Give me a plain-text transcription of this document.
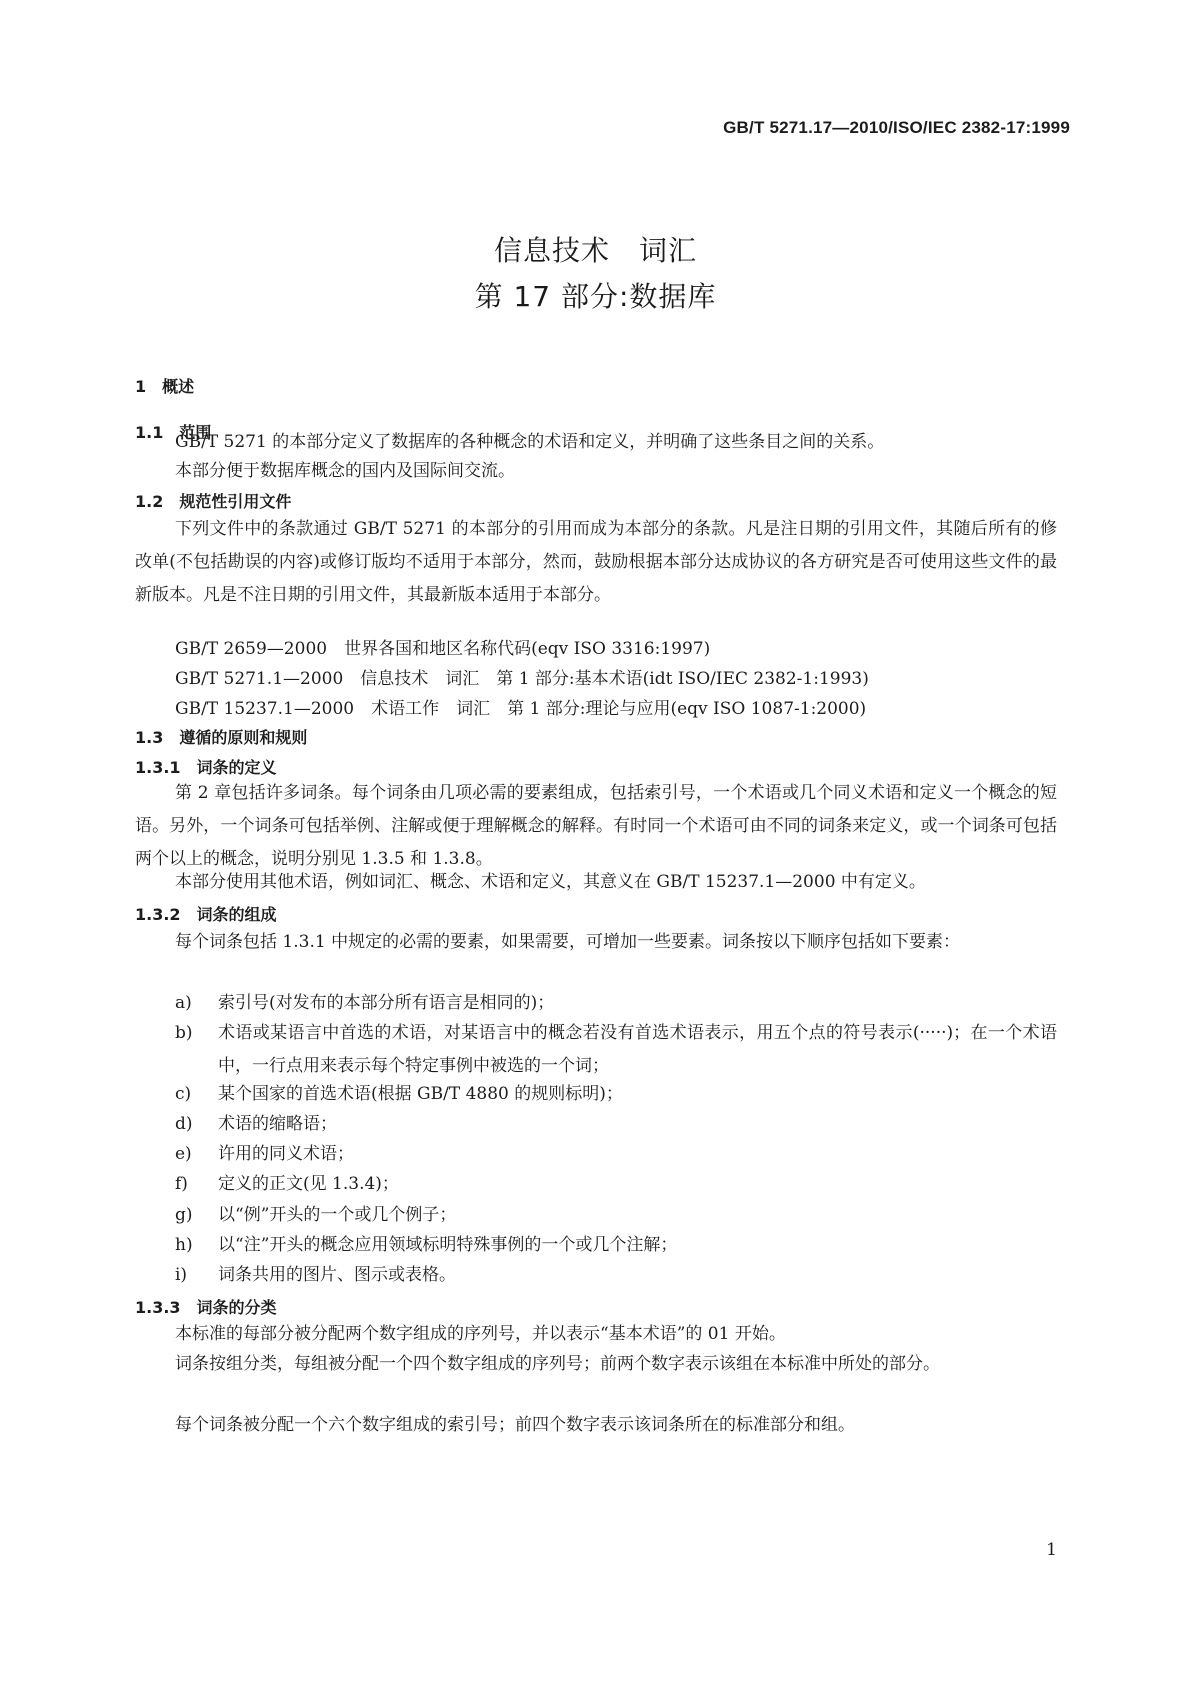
GB/T 5271.17—2010/ISO/IEC 2382-17:1999
信息技术　词汇
第 17 部分:数据库
1　概述
1.1　范围
GB/T 5271 的本部分定义了数据库的各种概念的术语和定义，并明确了这些条目之间的关系。
本部分便于数据库概念的国内及国际间交流。
1.2　规范性引用文件
下列文件中的条款通过 GB/T 5271 的本部分的引用而成为本部分的条款。凡是注日期的引用文件，其随后所有的修改单(不包括勘误的内容)或修订版均不适用于本部分，然而，鼓励根据本部分达成协议的各方研究是否可使用这些文件的最新版本。凡是不注日期的引用文件，其最新版本适用于本部分。
GB/T 2659—2000　世界各国和地区名称代码(eqv ISO 3316:1997)
GB/T 5271.1—2000　信息技术　词汇　第 1 部分:基本术语(idt ISO/IEC 2382-1:1993)
GB/T 15237.1—2000　术语工作　词汇　第 1 部分:理论与应用(eqv ISO 1087-1:2000)
1.3　遵循的原则和规则
1.3.1　词条的定义
第 2 章包括许多词条。每个词条由几项必需的要素组成，包括索引号，一个术语或几个同义术语和定义一个概念的短语。另外，一个词条可包括举例、注解或便于理解概念的解释。有时同一个术语可由不同的词条来定义，或一个词条可包括两个以上的概念，说明分别见 1.3.5 和 1.3.8。
本部分使用其他术语，例如词汇、概念、术语和定义，其意义在 GB/T 15237.1—2000 中有定义。
1.3.2　词条的组成
每个词条包括 1.3.1 中规定的必需的要素，如果需要，可增加一些要素。词条按以下顺序包括如下要素：
a) 索引号(对发布的本部分所有语言是相同的)；
b) 术语或某语言中首选的术语，对某语言中的概念若没有首选术语表示，用五个点的符号表示(·····)；在一个术语中，一行点用来表示每个特定事例中被选的一个词；
c) 某个国家的首选术语(根据 GB/T 4880 的规则标明)；
d) 术语的缩略语；
e) 许用的同义术语；
f) 定义的正文(见 1.3.4)；
g) 以“例”开头的一个或几个例子；
h) 以“注”开头的概念应用领域标明特殊事例的一个或几个注解；
i) 词条共用的图片、图示或表格。
1.3.3　词条的分类
本标准的每部分被分配两个数字组成的序列号，并以表示“基本术语”的 01 开始。
词条按组分类，每组被分配一个四个数字组成的序列号；前两个数字表示该组在本标准中所处的部分。
每个词条被分配一个六个数字组成的索引号；前四个数字表示该词条所在的标准部分和组。
1
